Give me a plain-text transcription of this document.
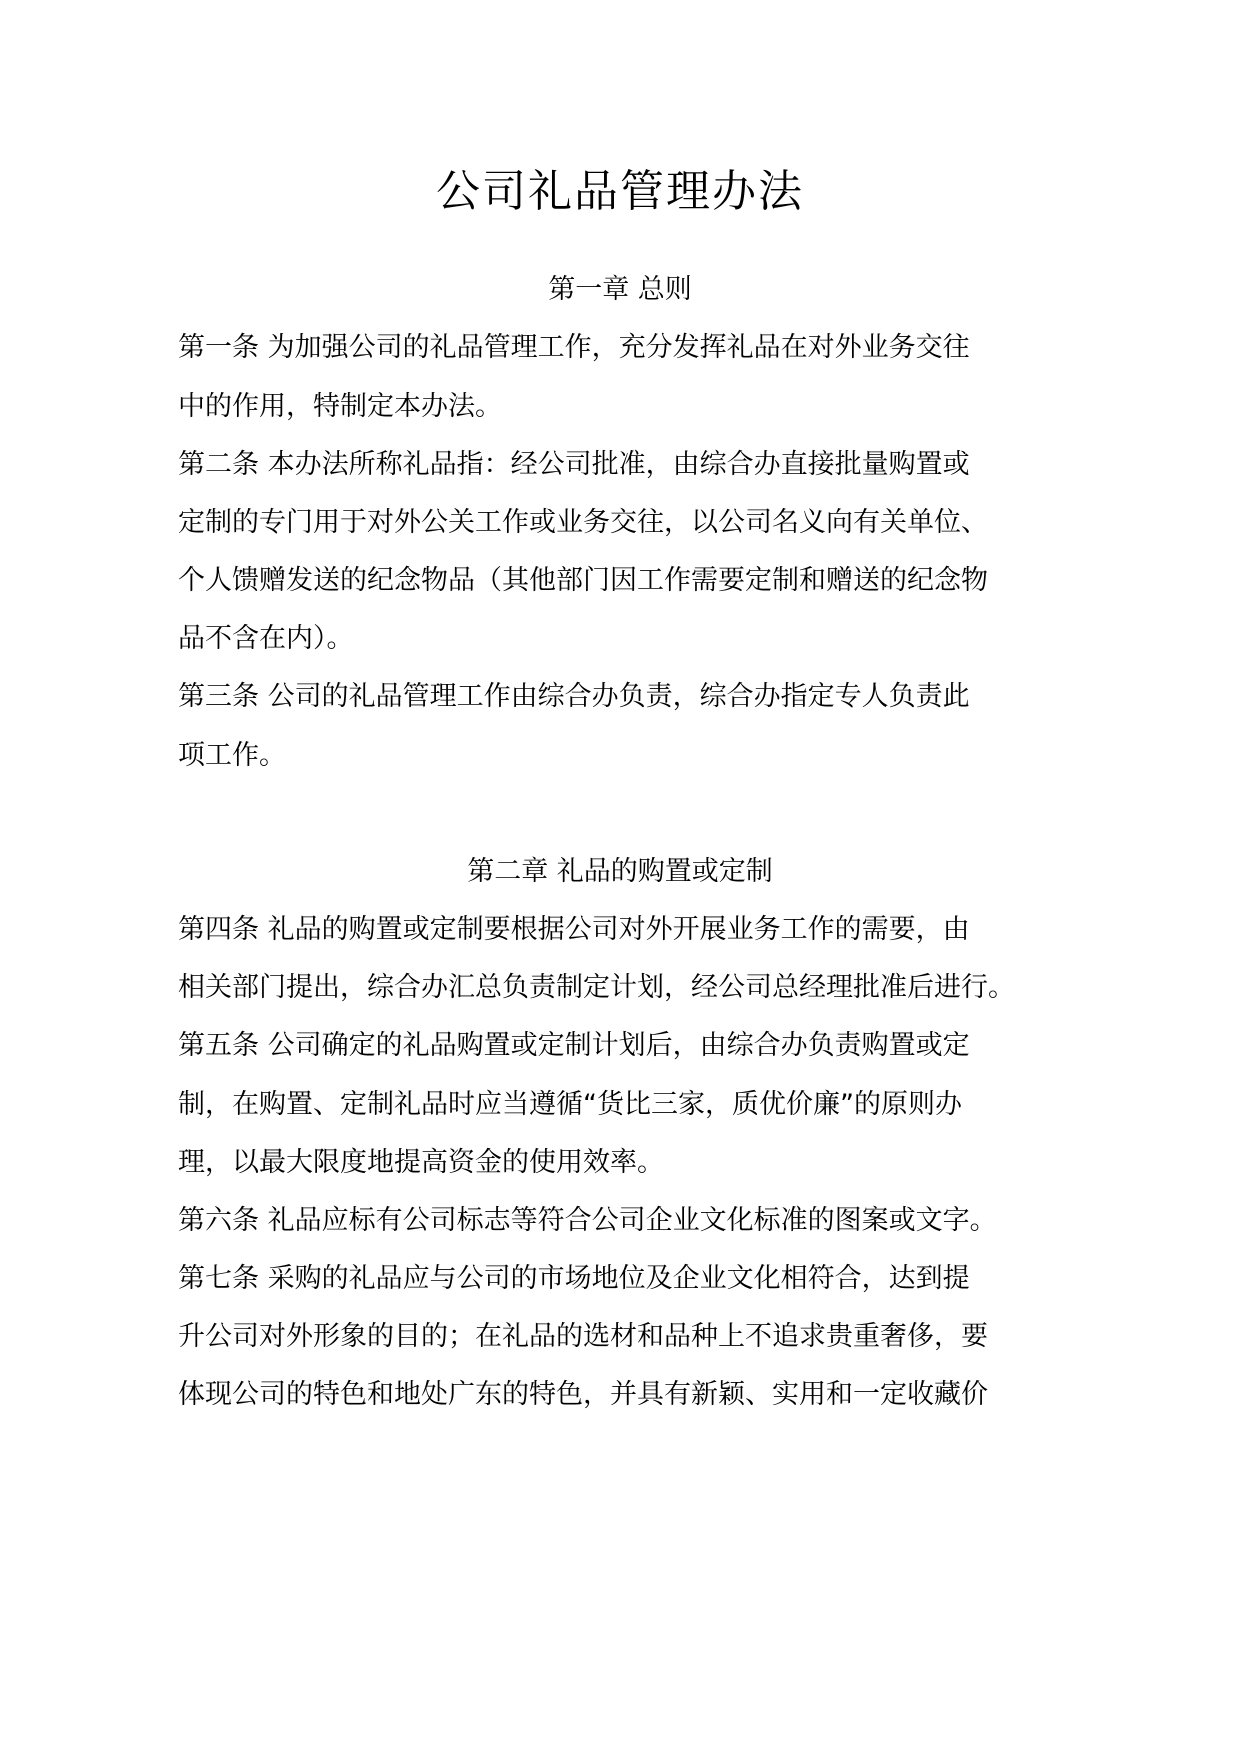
公司礼品管理办法
第一章 总则

第一条 为加强公司的礼品管理工作，充分发挥礼品在对外业务交往

中的作用，特制定本办法。

第二条 本办法所称礼品指：经公司批准，由综合办直接批量购置或

定制的专门用于对外公关工作或业务交往，以公司名义向有关单位、

个人馈赠发送的纪念物品（其他部门因工作需要定制和赠送的纪念物

品不含在内）。

第三条 公司的礼品管理工作由综合办负责，综合办指定专人负责此

项工作。

第二章 礼品的购置或定制

第四条 礼品的购置或定制要根据公司对外开展业务工作的需要，由

相关部门提出，综合办汇总负责制定计划，经公司总经理批准后进行。

第五条 公司确定的礼品购置或定制计划后，由综合办负责购置或定

制，在购置、定制礼品时应当遵循“货比三家，质优价廉”的原则办

理，以最大限度地提高资金的使用效率。

第六条 礼品应标有公司标志等符合公司企业文化标准的图案或文字。

第七条 采购的礼品应与公司的市场地位及企业文化相符合，达到提

升公司对外形象的目的；在礼品的选材和品种上不追求贵重奢侈，要

体现公司的特色和地处广东的特色，并具有新颖、实用和一定收藏价
